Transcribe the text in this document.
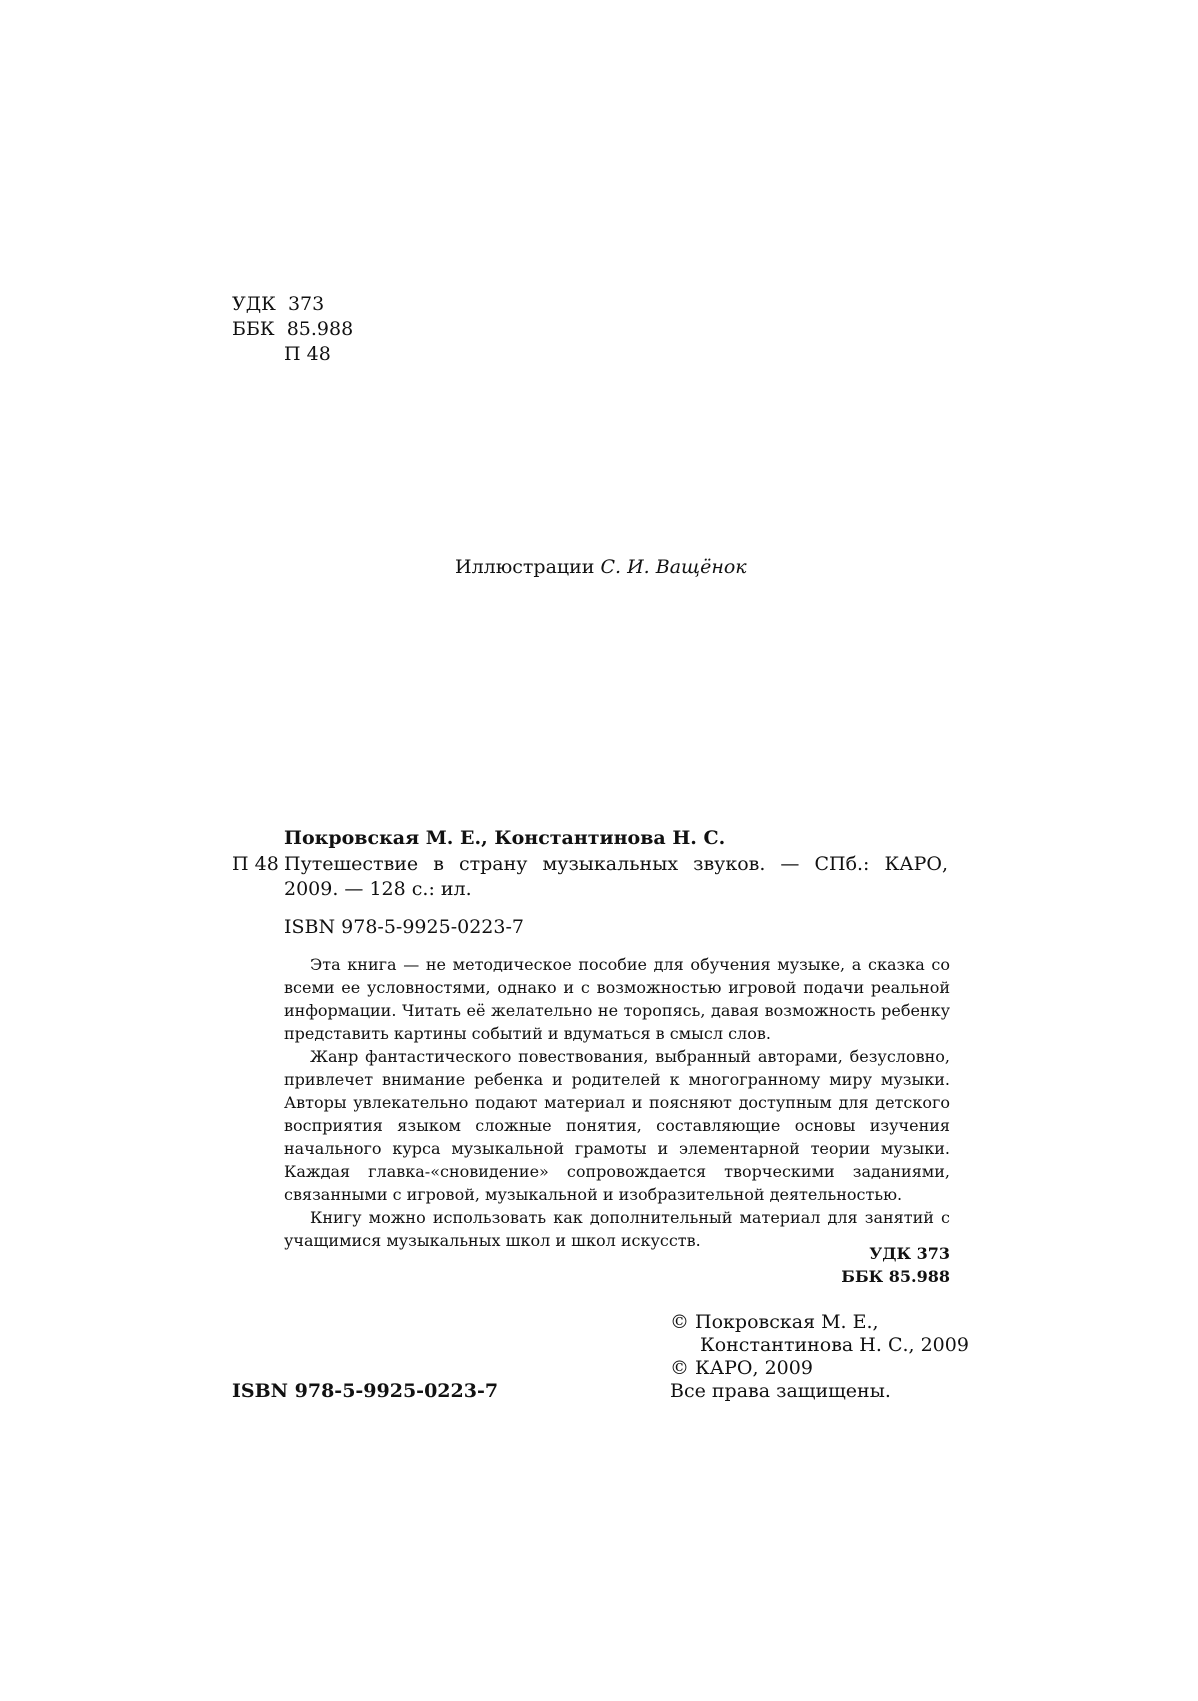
УДК  373
ББК  85.988
П 48
Иллюстрации С. И. Ващёнок
Покровская М. Е., Константинова Н. С.
П 48 Путешествие в страну музыкальных звуков. — СПб.: КАРО,
2009. — 128 с.: ил.
ISBN 978-5-9925-0223-7

Эта книга — не методическое пособие для обучения музыке, а сказка со всеми ее условностями, однако и с возможностью игровой подачи реальной информации. Читать её желательно не торопясь, давая возможность ребенку представить картины событий и вдуматься в смысл слов.

Жанр фантастического повествования, выбранный авторами, безусловно, привлечет внимание ребенка и родителей к многогранному миру музыки. Авторы увлекательно подают материал и поясняют доступным для детского восприятия языком сложные понятия, составляющие основы изучения начального курса музыкальной грамоты и элементарной теории музыки. Каждая главка-«сновидение» сопровождается творческими заданиями, связанными с игровой, музыкальной и изобразительной деятельностью.

Книгу можно использовать как дополнительный материал для занятий с учащимися музыкальных школ и школ искусств.

УДК 373
ББК 85.988
© Покровская М. Е.,
Константинова Н. С., 2009
© КАРО, 2009
Все права защищены.
ISBN 978-5-9925-0223-7
